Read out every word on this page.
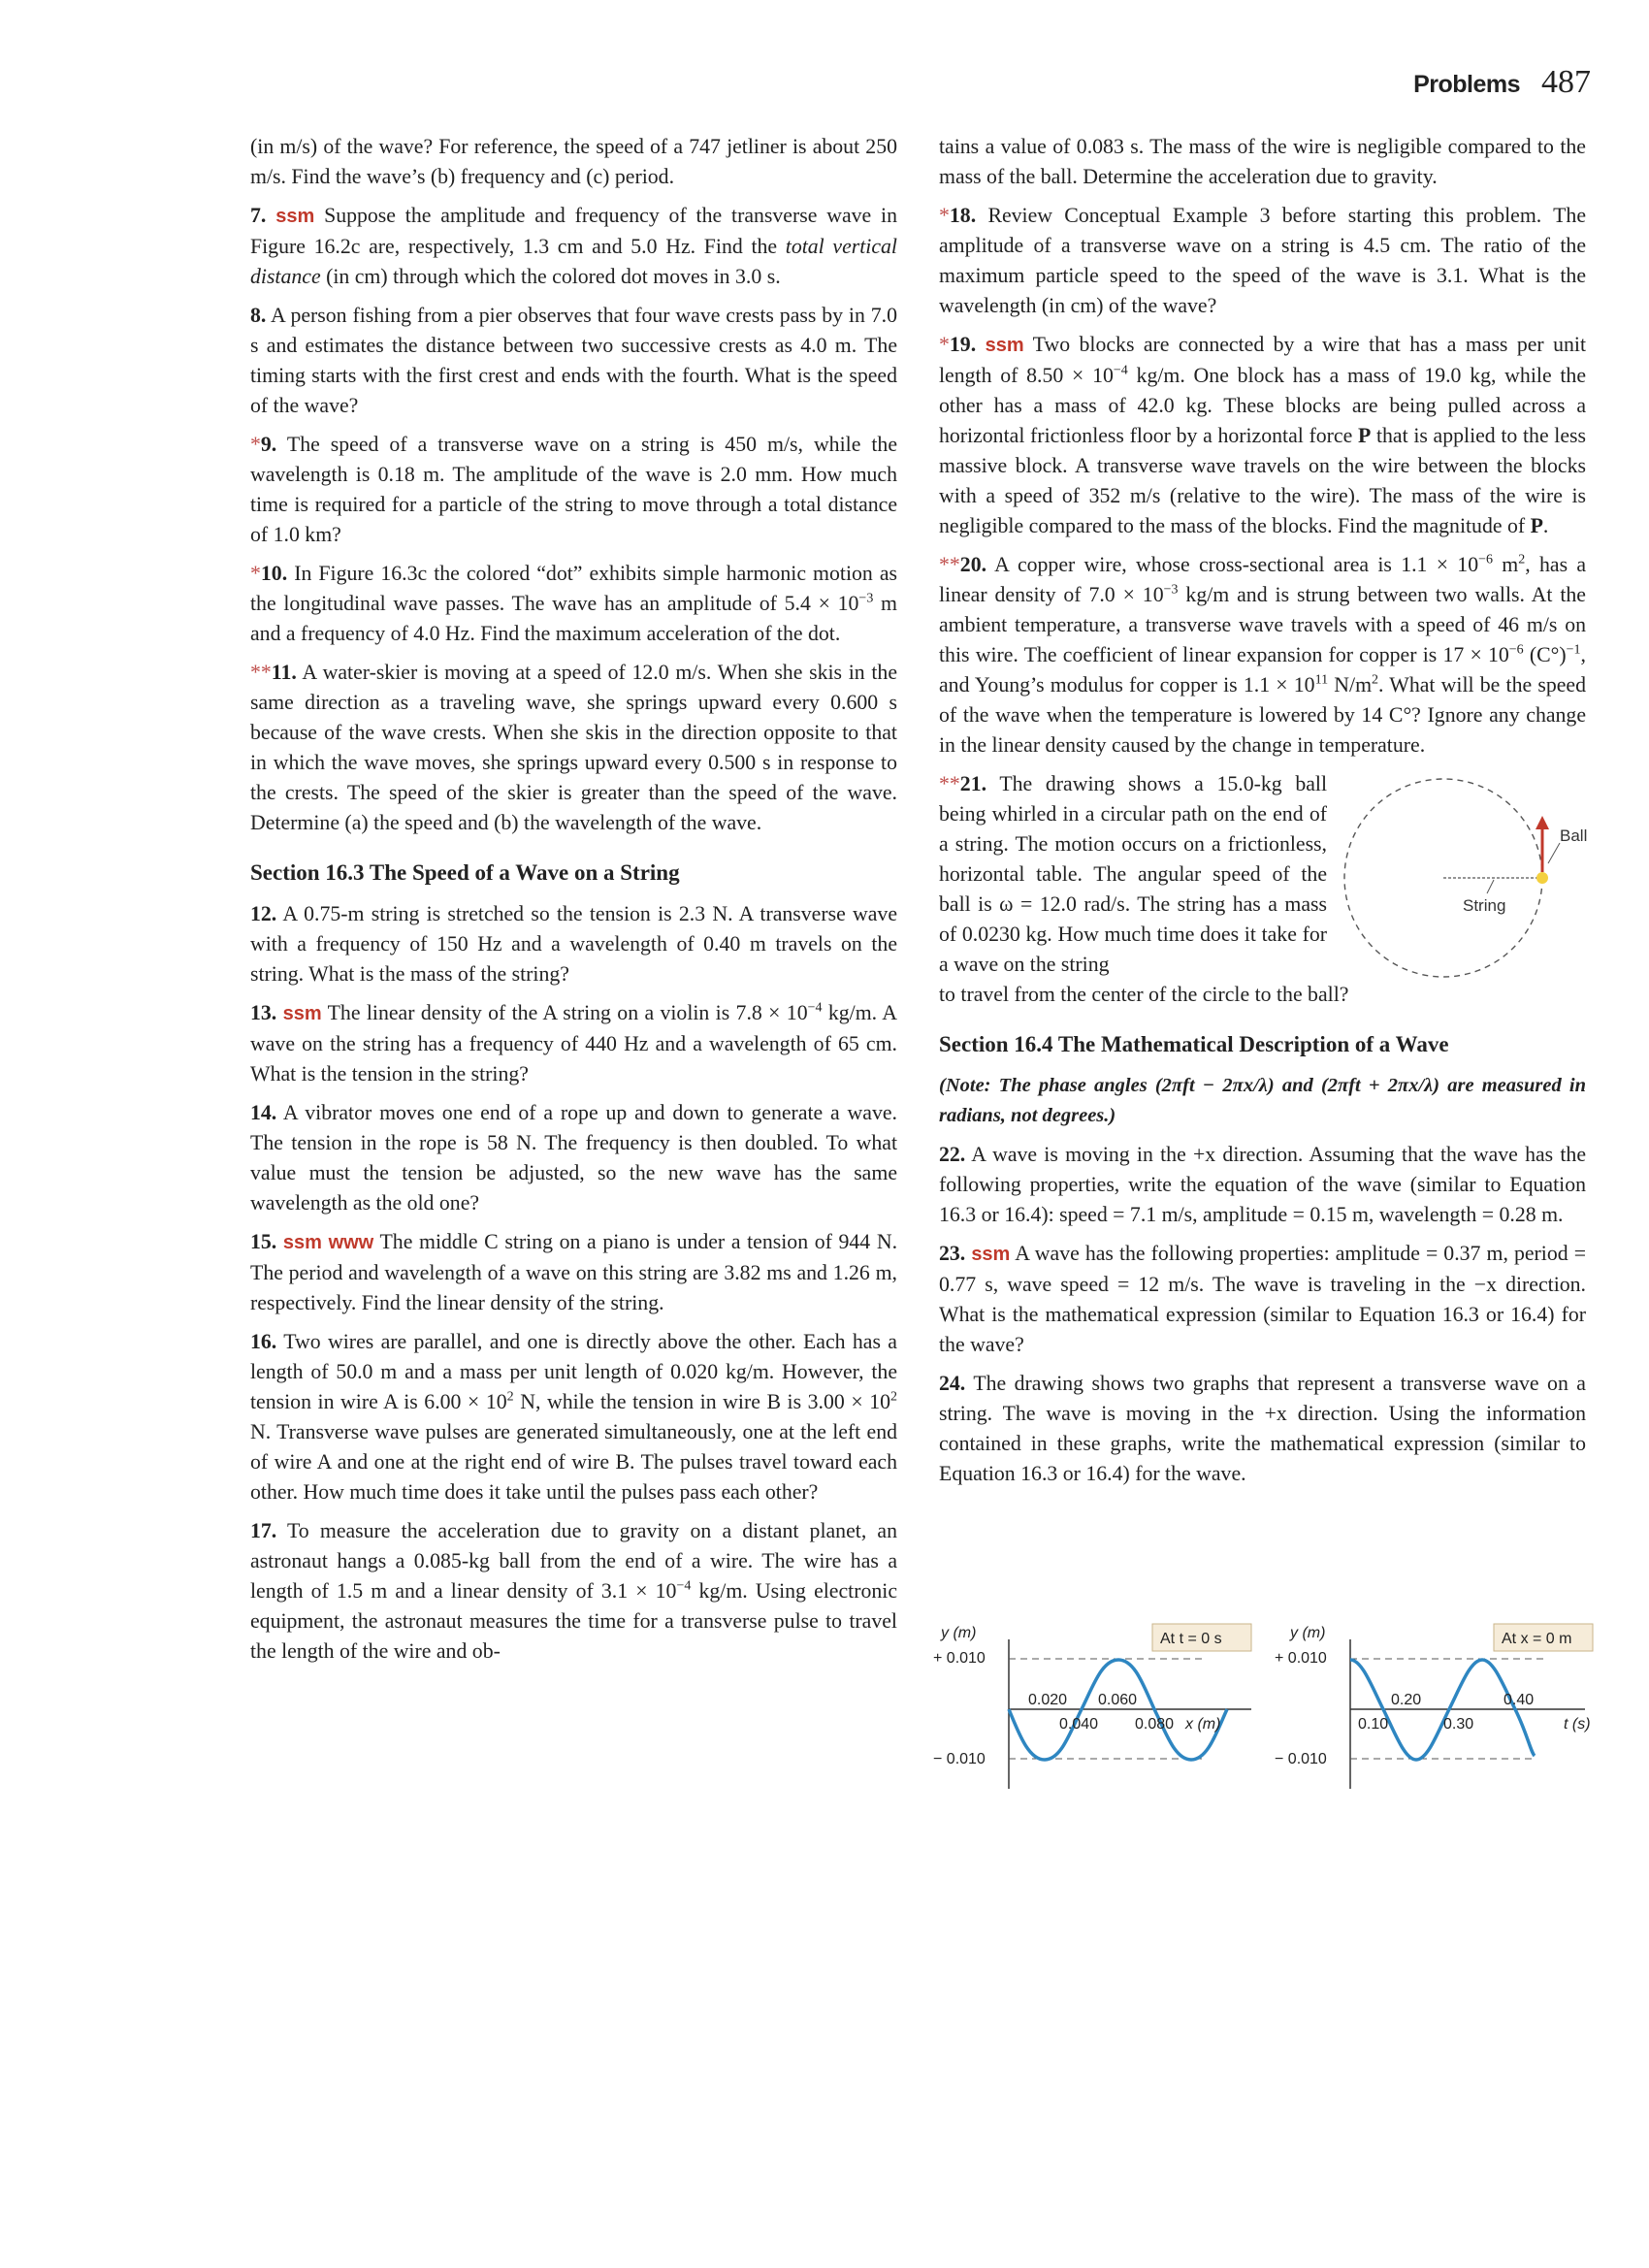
Problems 487

(in m/s) of the wave? For reference, the speed of a 747 jetliner is about 250 m/s. Find the wave’s (b) frequency and (c) period.

7. ssm Suppose the amplitude and frequency of the transverse wave in Figure 16.2c are, respectively, 1.3 cm and 5.0 Hz. Find the total vertical distance (in cm) through which the colored dot moves in 3.0 s.

8. A person fishing from a pier observes that four wave crests pass by in 7.0 s and estimates the distance between two successive crests as 4.0 m. The timing starts with the first crest and ends with the fourth. What is the speed of the wave?

*9. The speed of a transverse wave on a string is 450 m/s, while the wavelength is 0.18 m. The amplitude of the wave is 2.0 mm. How much time is required for a particle of the string to move through a total distance of 1.0 km?

*10. In Figure 16.3c the colored “dot” exhibits simple harmonic motion as the longitudinal wave passes. The wave has an amplitude of $5.4 \times 10^{-3}$ m and a frequency of 4.0 Hz. Find the maximum acceleration of the dot.

**11. A water-skier is moving at a speed of 12.0 m/s. When she skis in the same direction as a traveling wave, she springs upward every 0.600 s because of the wave crests. When she skis in the direction opposite to that in which the wave moves, she springs upward every 0.500 s in response to the crests. The speed of the skier is greater than the speed of the wave. Determine (a) the speed and (b) the wavelength of the wave.

Section 16.3 The Speed of a Wave on a String

12. A 0.75-m string is stretched so the tension is 2.3 N. A transverse wave with a frequency of 150 Hz and a wavelength of 0.40 m travels on the string. What is the mass of the string?

13. ssm The linear density of the A string on a violin is $7.8 \times 10^{-4}$ kg/m. A wave on the string has a frequency of 440 Hz and a wavelength of 65 cm. What is the tension in the string?

14. A vibrator moves one end of a rope up and down to generate a wave. The tension in the rope is 58 N. The frequency is then doubled. To what value must the tension be adjusted, so the new wave has the same wavelength as the old one?

15. ssm www The middle C string on a piano is under a tension of 944 N. The period and wavelength of a wave on this string are 3.82 ms and 1.26 m, respectively. Find the linear density of the string.

16. Two wires are parallel, and one is directly above the other. Each has a length of 50.0 m and a mass per unit length of 0.020 kg/m. However, the tension in wire A is $6.00 \times 10^2$ N, while the tension in wire B is $3.00 \times 10^2$ N. Transverse wave pulses are generated simultaneously, one at the left end of wire A and one at the right end of wire B. The pulses travel toward each other. How much time does it take until the pulses pass each other?

17. To measure the acceleration due to gravity on a distant planet, an astronaut hangs a 0.085-kg ball from the end of a wire. The wire has a length of 1.5 m and a linear density of $3.1 \times 10^{-4}$ kg/m. Using electronic equipment, the astronaut measures the time for a transverse pulse to travel the length of the wire and ob-

tains a value of 0.083 s. The mass of the wire is negligible compared to the mass of the ball. Determine the acceleration due to gravity.

*18. Review Conceptual Example 3 before starting this problem. The amplitude of a transverse wave on a string is 4.5 cm. The ratio of the maximum particle speed to the speed of the wave is 3.1. What is the wavelength (in cm) of the wave?

*19. ssm Two blocks are connected by a wire that has a mass per unit length of $8.50 \times 10^{-4}$ kg/m. One block has a mass of 19.0 kg, while the other has a mass of 42.0 kg. These blocks are being pulled across a horizontal frictionless floor by a horizontal force P that is applied to the less massive block. A transverse wave travels on the wire between the blocks with a speed of 352 m/s (relative to the wire). The mass of the wire is negligible compared to the mass of the blocks. Find the magnitude of P.

**20. A copper wire, whose cross-sectional area is $1.1 \times 10^{-6}$ $m^2$, has a linear density of $7.0 \times 10^{-3}$ kg/m and is strung between two walls. At the ambient temperature, a transverse wave travels with a speed of 46 m/s on this wire. The coefficient of linear expansion for copper is $17 \times 10^{-6}$ $(C^\circ)^{-1}$, and Young’s modulus for copper is $1.1 \times 10^{11}$ $N/m^2$. What will be the speed of the wave when the temperature is lowered by 14 C°? Ignore any change in the linear density caused by the change in temperature.

**21. The drawing shows a 15.0-kg ball being whirled in a circular path on the end of a string. The motion occurs on a frictionless, horizontal table. The angular speed of the ball is ω = 12.0 rad/s. The string has a mass of 0.0230 kg. How much time does it take for a wave on the string
to travel from the center of the circle to the ball?
Ball
String

Section 16.4 The Mathematical Description of a Wave

(Note: The phase angles (2πft − 2πx/λ) and (2πft + 2πx/λ) are measured in radians, not degrees.)

22. A wave is moving in the +x direction. Assuming that the wave has the following properties, write the equation of the wave (similar to Equation 16.3 or 16.4): speed = 7.1 m/s, amplitude = 0.15 m, wavelength = 0.28 m.

23. ssm A wave has the following properties: amplitude = 0.37 m, period = 0.77 s, wave speed = 12 m/s. The wave is traveling in the −x direction. What is the mathematical expression (similar to Equation 16.3 or 16.4) for the wave?

24. The drawing shows two graphs that represent a transverse wave on a string. The wave is moving in the +x direction. Using the information contained in these graphs, write the mathematical expression (similar to Equation 16.3 or 16.4) for the wave.

y (m)	At t = 0 s
+ 0.010
− 0.010
0.020 0.060
0.040 0.080 x (m)
y (m)	At x = 0 m
+ 0.010
− 0.010
0.20	0.40
0.10	0.30	t (s)
